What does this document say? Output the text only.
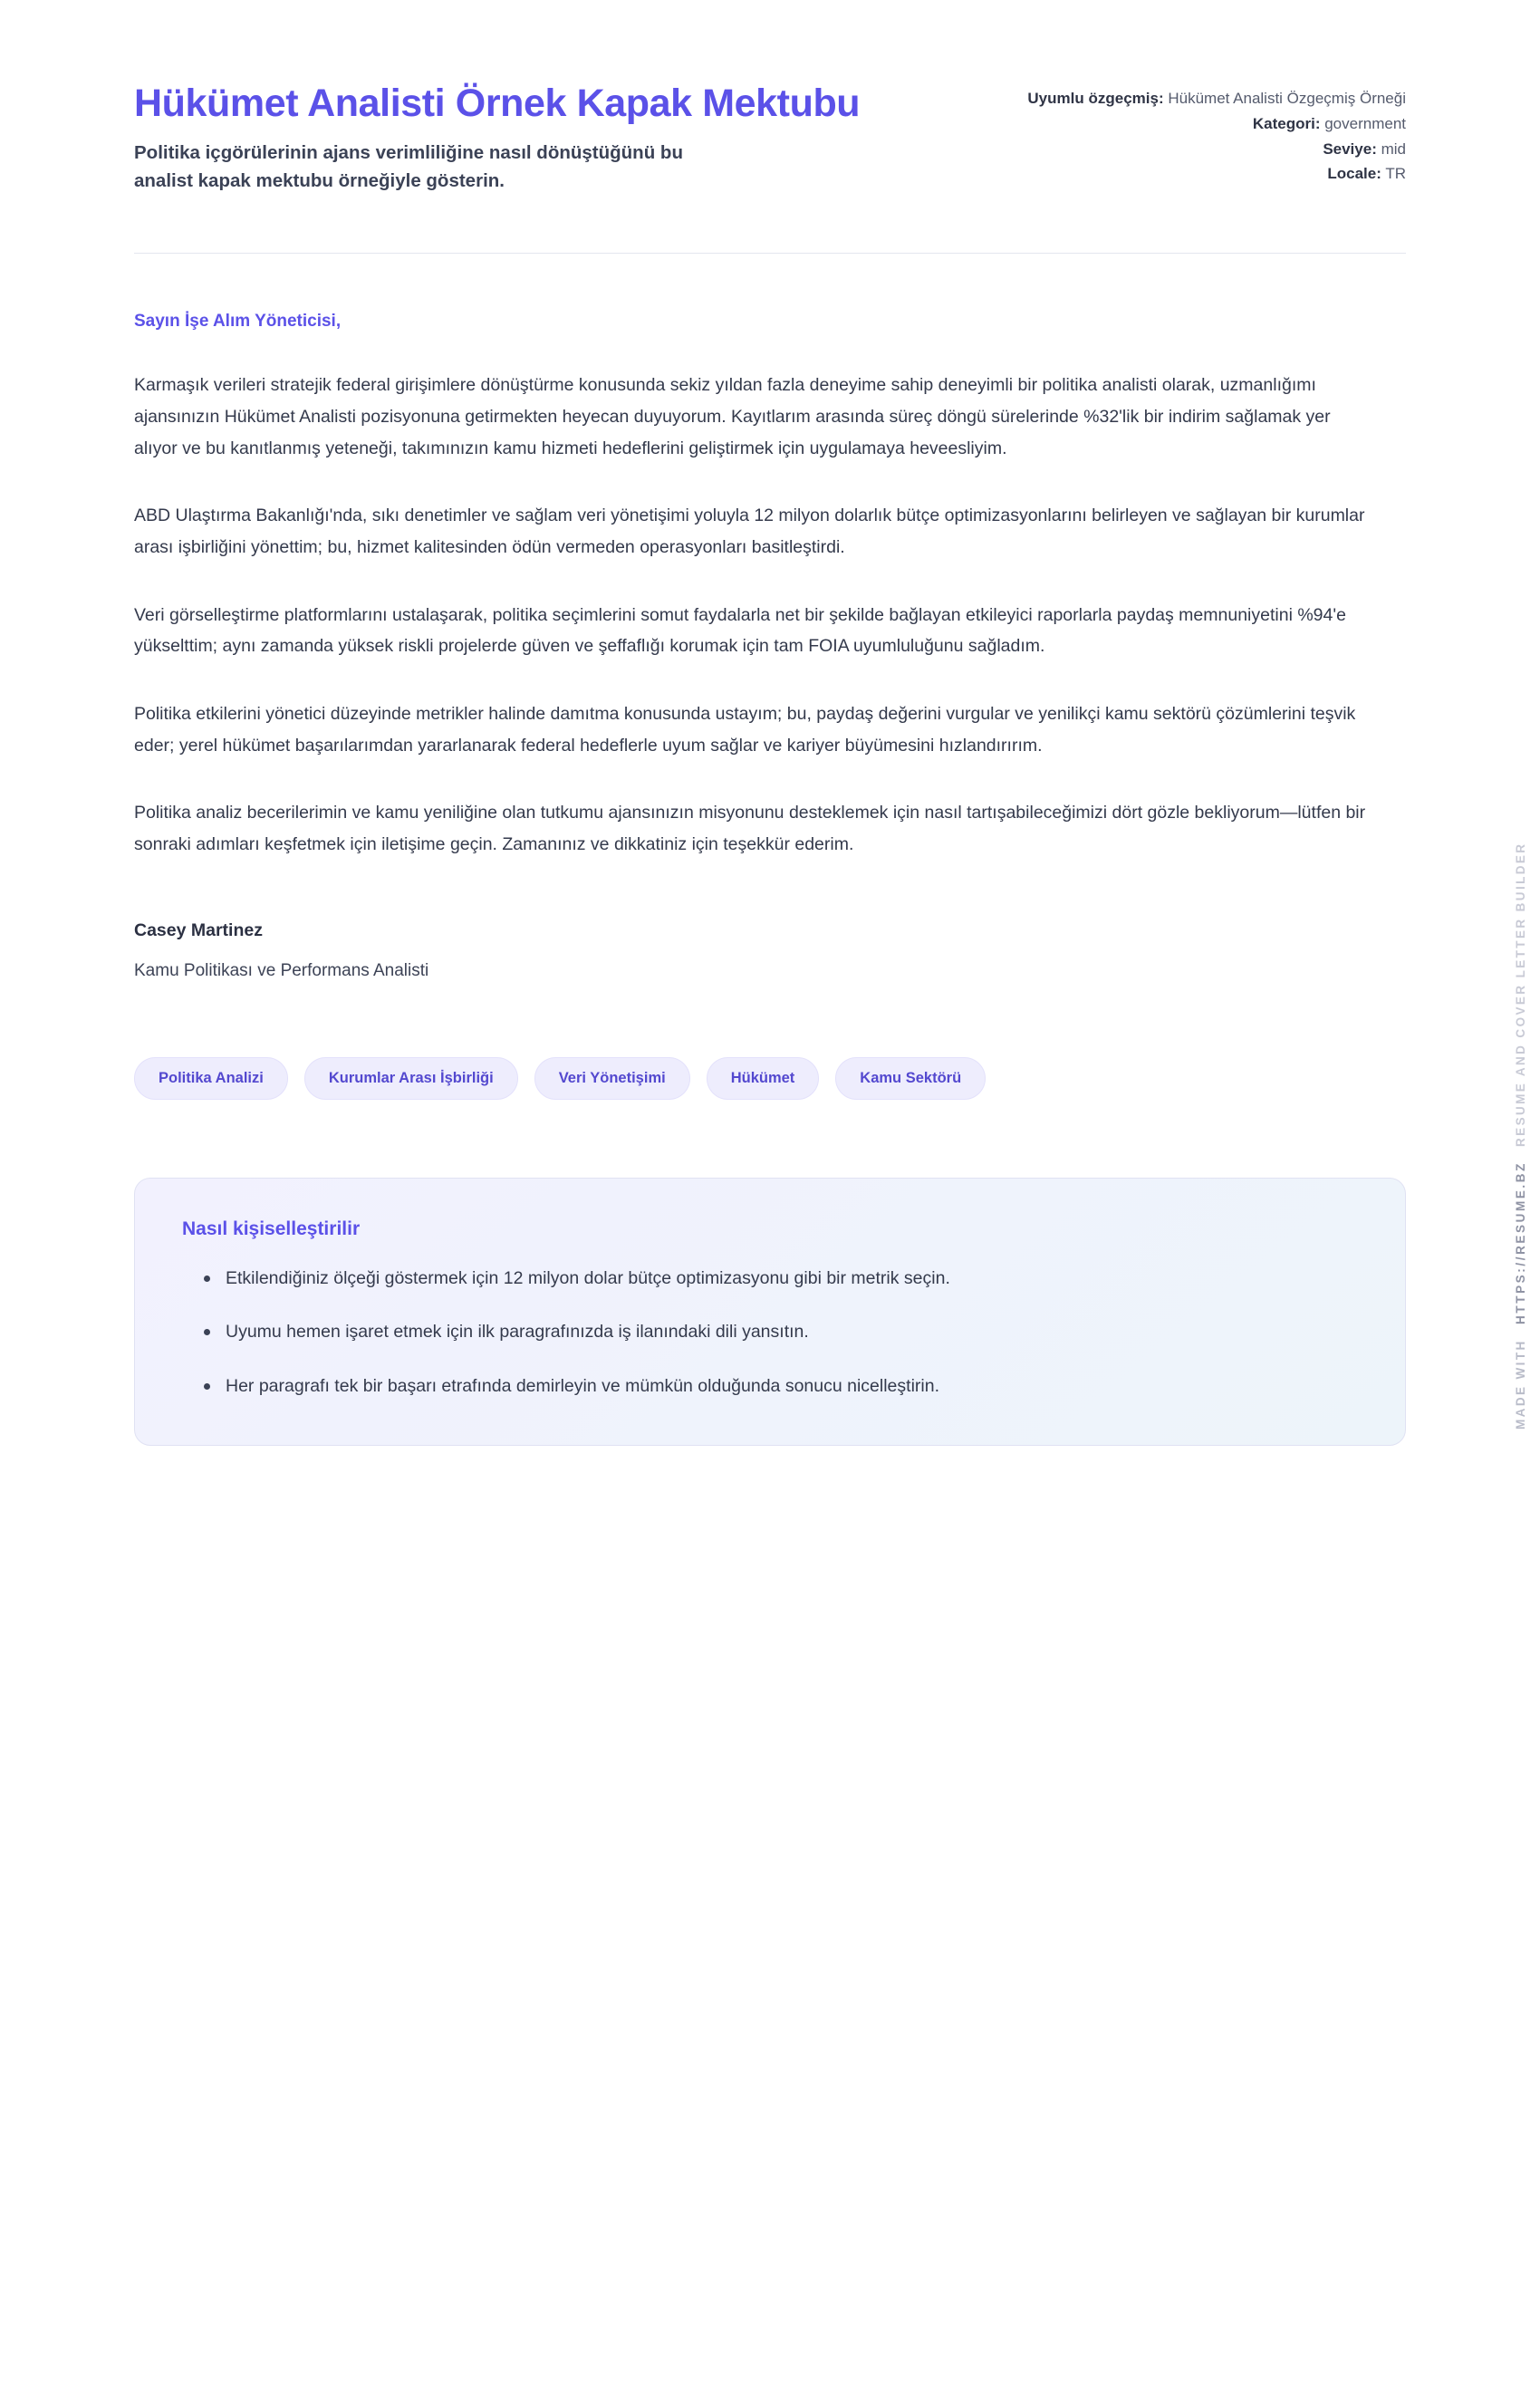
Hükümet Analisti Örnek Kapak Mektubu

Politika içgörülerinin ajans verimliliğine nasıl dönüştüğünü bu analist kapak mektubu örneğiyle gösterin.

Uyumlu özgeçmiş: Hükümet Analisti Özgeçmiş Örneği
Kategori: government
Seviye: mid
Locale: TR

Sayın İşe Alım Yöneticisi,

Karmaşık verileri stratejik federal girişimlere dönüştürme konusunda sekiz yıldan fazla deneyime sahip deneyimli bir politika analisti olarak, uzmanlığımı ajansınızın Hükümet Analisti pozisyonuna getirmekten heyecan duyuyorum. Kayıtlarım arasında süreç döngü sürelerinde %32'lik bir indirim sağlamak yer alıyor ve bu kanıtlanmış yeteneği, takımınızın kamu hizmeti hedeflerini geliştirmek için uygulamaya heveesliyim.

ABD Ulaştırma Bakanlığı'nda, sıkı denetimler ve sağlam veri yönetişimi yoluyla 12 milyon dolarlık bütçe optimizasyonlarını belirleyen ve sağlayan bir kurumlar arası işbirliğini yönettim; bu, hizmet kalitesinden ödün vermeden operasyonları basitleştirdi.

Veri görselleştirme platformlarını ustalaşarak, politika seçimlerini somut faydalarla net bir şekilde bağlayan etkileyici raporlarla paydaş memnuniyetini %94'e yükselttim; aynı zamanda yüksek riskli projelerde güven ve şeffaflığı korumak için tam FOIA uyumluluğunu sağladım.

Politika etkilerini yönetici düzeyinde metrikler halinde damıtma konusunda ustayım; bu, paydaş değerini vurgular ve yenilikçi kamu sektörü çözümlerini teşvik eder; yerel hükümet başarılarımdan yararlanarak federal hedeflerle uyum sağlar ve kariyer büyümesini hızlandırırım.

Politika analiz becerilerimin ve kamu yeniliğine olan tutkumu ajansınızın misyonunu desteklemek için nasıl tartışabileceğimizi dört gözle bekliyorum—lütfen bir sonraki adımları keşfetmek için iletişime geçin. Zamanınız ve dikkatiniz için teşekkür ederim.

Casey Martinez

Kamu Politikası ve Performans Analisti

Politika Analizi	Kurumlar Arası İşbirliği	Veri Yönetişimi	Hükümet	Kamu Sektörü
Nasıl kişiselleştirilir
Etkilendiğiniz ölçeği göstermek için 12 milyon dolar bütçe optimizasyonu gibi bir metrik seçin.
Uyumu hemen işaret etmek için ilk paragrafınızda iş ilanındaki dili yansıtın.
Her paragrafı tek bir başarı etrafında demirleyin ve mümkün olduğunda sonucu nicelleştirin.	MADE WITH
HTTPS://RESUME.BZ
RESUME AND COVER LETTER BUILDER
